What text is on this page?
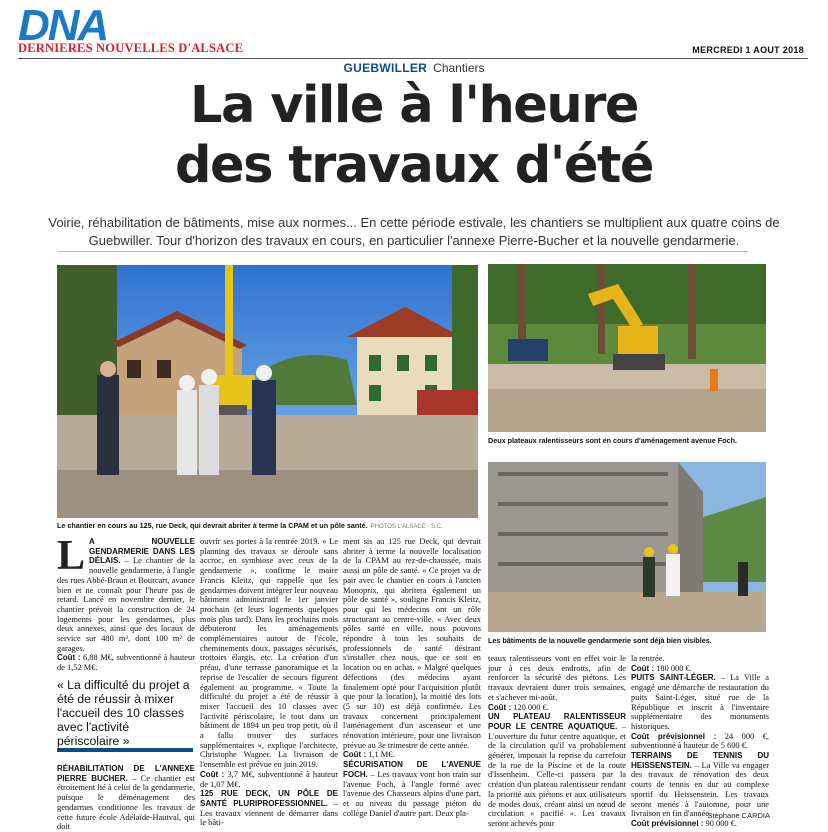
DNA
DERNIERES NOUVELLES D'ALSACE	MERCREDI 1 AOUT 2018
GUEBWILLER Chantiers
La ville à l'heure
des travaux d'été
Voirie, réhabilitation de bâtiments, mise aux normes... En cette période estivale, les chantiers se multiplient aux quatre coins de Guebwiller. Tour d'horizon des travaux en cours, en particulier l'annexe Pierre-Bucher et la nouvelle gendarmerie.
Le chantier en cours au 125, rue Deck, qui devrait abriter à terme la CPAM et un pôle santé. PHOTOS L'ALSACE - S.C.
Deux plateaux ralentisseurs sont en cours d'aménagement avenue Foch.
Les bâtiments de la nouvelle gendarmerie sont déjà bien visibles.

L A NOUVELLE GENDARMERIE DANS LES DÉLAIS. – Le chantier de la nouvelle gendarmerie, à l'angle des rues Abbé-Braun et Bourcart, avance bien et ne connaît pour l'heure pas de retard. Lancé en novembre dernier, le chantier prévoit la construction de 24 logements pour les gendarmes, plus deux annexes, ainsi que des locaux de service sur 480 m², dont 100 m² de garages.

Coût : 6,88 M€, subventionné à hauteur de 1,52 M€.

« La difficulté du projet a été de réussir à mixer l'accueil des 10 classes avec l'activité périscolaire »

RÉHABILITATION DE L'ANNEXE PIERRE BUCHER. – Ce chantier est étroitement lié à celui de la gendarmerie, puisque le déménagement des gendarmes conditionne les travaux de cette future école Adélaïde-Hautval, qui doit

ouvrir ses portes à la rentrée 2019. « Le planning des travaux se déroule sans accroc, en symbiose avec ceux de la gendarmerie », confirme le maire Francis Kleitz, qui rappelle que les gendarmes doivent intégrer leur nouveau bâtiment administratif le 1er janvier prochain (et leurs logements quelques mois plus tard). Dans les prochains mois débuteront les aménagements complémentaires autour de l'école, cheminements doux, passages sécurisés, trottoirs élargis, etc. La création d'un préau, d'une terrasse panoramique et la reprise de l'escalier de secours figurent également au programme. « Toute la difficulté du projet a été de réussir à mixer l'accueil des 10 classes avec l'activité périscolaire, le tout dans un bâtiment de 1894 un peu trop petit, où il a fallu trouver des surfaces supplémentaires », explique l'architecte, Christophe Wagner. La livraison de l'ensemble est prévue en juin 2019.

Coût : 3,7 M€, subventionné à hauteur de 1,07 M€.

125 RUE DECK, UN PÔLE DE SANTÉ PLURIPROFESSIONNEL. – Les travaux viennent de démarrer dans le bâti-

ment sis au 125 rue Deck, qui devrait abriter à terme la nouvelle localisation de la CPAM au rez-de-chaussée, mais aussi un pôle de santé. « Ce projet va de pair avec le chantier en cours à l'ancien Monoprix, qui abritera également un pôle de santé », souligne Francis Kleitz, pour qui les médecins ont un rôle structurant au centre-ville. « Avec deux pôles santé en ville, nous pouvons répondre à tous les souhaits de professionnels de santé désirant s'installer chez nous, que ce soit en location ou en achat. » Malgré quelques défections (des médecins ayant finalement opté pour l'acquisition plutôt que pour la location), la moitié des lots (5 sur 10) est déjà confirmée. Les travaux concernent principalement l'aménagement d'un ascenseur et une rénovation intérieure, pour une livraison prévue au 3e trimestre de cette année.

Coût : 1,1 M€.

SÉCURISATION DE L'AVENUE FOCH. – Les travaux vont bon train sur l'avenue Foch, à l'angle formé avec l'avenue des Chasseurs alpins d'une part, et au niveau du passage piéton du collège Daniel d'autre part. Deux pla-

teaux ralentisseurs vont en effet voir le jour à ces deux endroits, afin de renforcer la sécurité des piétons. Les travaux devraient durer trois semaines, et s'achever mi-août.

Coût : 120 000 €.

UN PLATEAU RALENTISSEUR POUR LE CENTRE AQUATIQUE. – L'ouverture du futur centre aquatique, et de la circulation qu'il va probablement générer, imposait la reprise du carrefour de la rue de la Piscine et de la route d'Issenheim. Celle-ci passera par la création d'un plateau ralentisseur rendant la priorité aux piétons et aux utilisateurs de modes doux, créant ainsi un nœud de circulation « pacifié ». Les travaux seront achevés pour

la rentrée.

Coût : 180 000 €.

PUITS SAINT-LÉGER. – La Ville a engagé une démarche de restauration du puits Saint-Léger, situé rue de la République et inscrit à l'inventaire supplémentaire des monuments historiques.

Coût prévisionnel : 24 000 €, subventionné à hauteur de 5 600 €.

TERRAINS DE TENNIS DU HEISSENSTEIN. – La Ville va engager des travaux de rénovation des deux courts de tennis en dur au complexe sportif du Heissenstein. Les travaux seront menés à l'automne, pour une livraison en fin d'année.

Coût prévisionnel : 90 000 €.

Stéphane CARDIA
